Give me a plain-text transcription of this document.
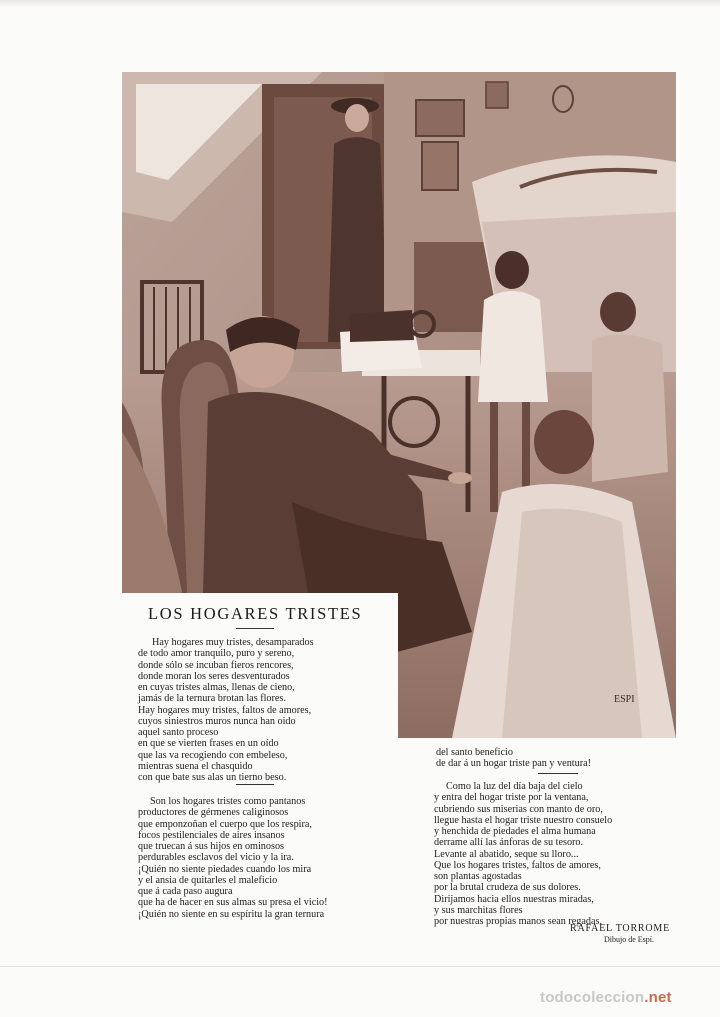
ESPI
LOS HOGARES TRISTES
Hay hogares muy tristes, desamparados
de todo amor tranquilo, puro y sereno,
donde sólo se incuban fieros rencores,
donde moran los seres desventurados
en cuyas tristes almas, llenas de cieno,
jamás de la ternura brotan las flores.
Hay hogares muy tristes, faltos de amores,
cuyos siniestros muros nunca han oido
aquel santo proceso
en que se vierten frases en un oído
que las va recogiendo con embeleso,
mientras suena el chasquido
con que bate sus alas un tierno beso.
Son los hogares tristes como pantanos
productores de gérmenes caliginosos
que emponzoñan el cuerpo que los respira,
focos pestilenciales de aires insanos
que truecan á sus hijos en ominosos
perdurables esclavos del vicio y la ira.
¡Quién no siente piedades cuando los mira
y el ansia de quitarles el maleficio
que á cada paso augura
que ha de hacer en sus almas su presa el vicio!
¡Quién no siente en su espíritu la gran ternura
del santo beneficio
de dar á un hogar triste pan y ventura!
Como la luz del día baja del cielo
y entra del hogar triste por la ventana,
cubriendo sus miserias con manto de oro,
llegue hasta el hogar triste nuestro consuelo
y henchida de piedades el alma humana
derrame allí las ánforas de su tesoro.
Levante al abatido, seque su lloro...
Que los hogares tristes, faltos de amores,
son plantas agostadas
por la brutal crudeza de sus dolores.
Dirijamos hacia ellos nuestras miradas,
y sus marchitas flores
por nuestras propias manos sean regadas.
RAFAEL TORROME
Dibujo de Espí.
todocoleccion.net
